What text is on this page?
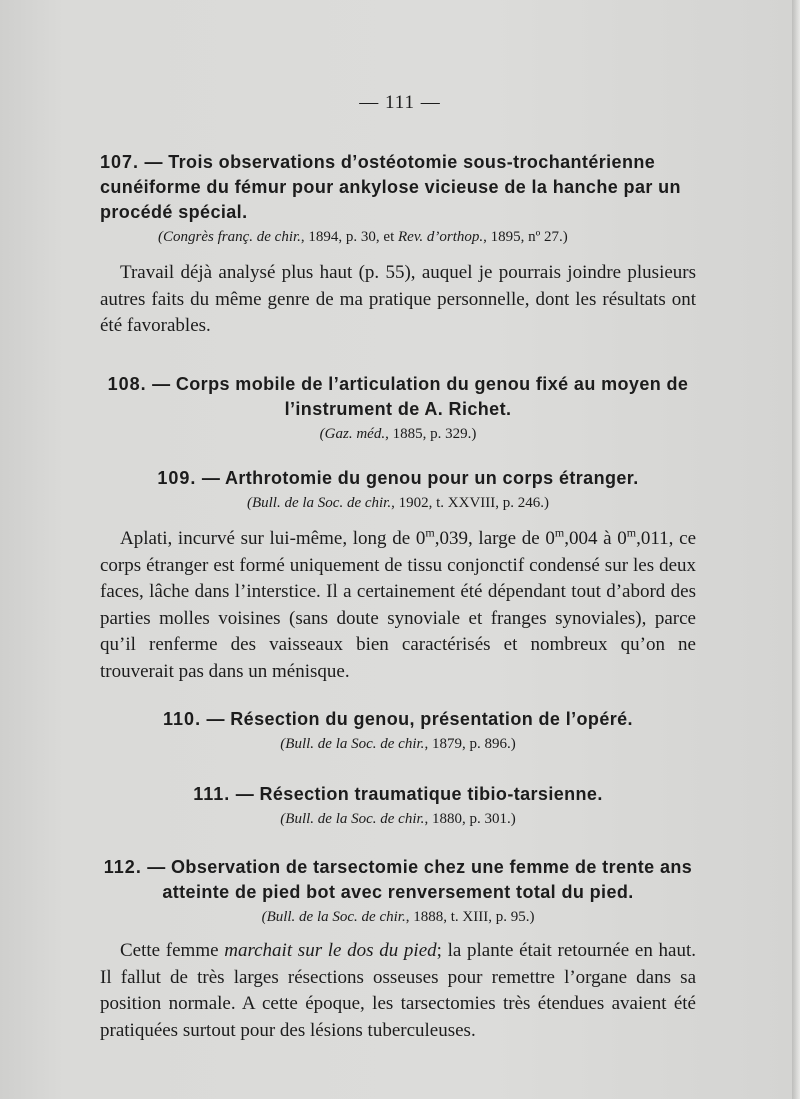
— 111 —
107. — Trois observations d’ostéotomie sous-trochantérienne cunéiforme du fémur pour ankylose vicieuse de la hanche par un procédé spécial.
(Congrès franç. de chir., 1894, p. 30, et Rev. d’orthop., 1895, nº 27.)
Travail déjà analysé plus haut (p. 55), auquel je pourrais joindre plusieurs autres faits du même genre de ma pratique personnelle, dont les résultats ont été favorables.
108. — Corps mobile de l’articulation du genou fixé au moyen de l’instrument de A. Richet.
(Gaz. méd., 1885, p. 329.)
109. — Arthrotomie du genou pour un corps étranger.
(Bull. de la Soc. de chir., 1902, t. XXVIII, p. 246.)
Aplati, incurvé sur lui-même, long de 0$^m$,039, large de 0$^m$,004 à 0$^m$,011, ce corps étranger est formé uniquement de tissu conjonctif condensé sur les deux faces, lâche dans l’interstice. Il a certainement été dépendant tout d’abord des parties molles voisines (sans doute synoviale et franges synoviales), parce qu’il renferme des vaisseaux bien caractérisés et nombreux qu’on ne trouverait pas dans un ménisque.
110. — Résection du genou, présentation de l’opéré.
(Bull. de la Soc. de chir., 1879, p. 896.)
111. — Résection traumatique tibio-tarsienne.
(Bull. de la Soc. de chir., 1880, p. 301.)
112. — Observation de tarsectomie chez une femme de trente ans atteinte de pied bot avec renversement total du pied.
(Bull. de la Soc. de chir., 1888, t. XIII, p. 95.)
Cette femme marchait sur le dos du pied; la plante était retournée en haut. Il fallut de très larges résections osseuses pour remettre l’organe dans sa position normale. A cette époque, les tarsectomies très étendues avaient été pratiquées surtout pour des lésions tuberculeuses.
